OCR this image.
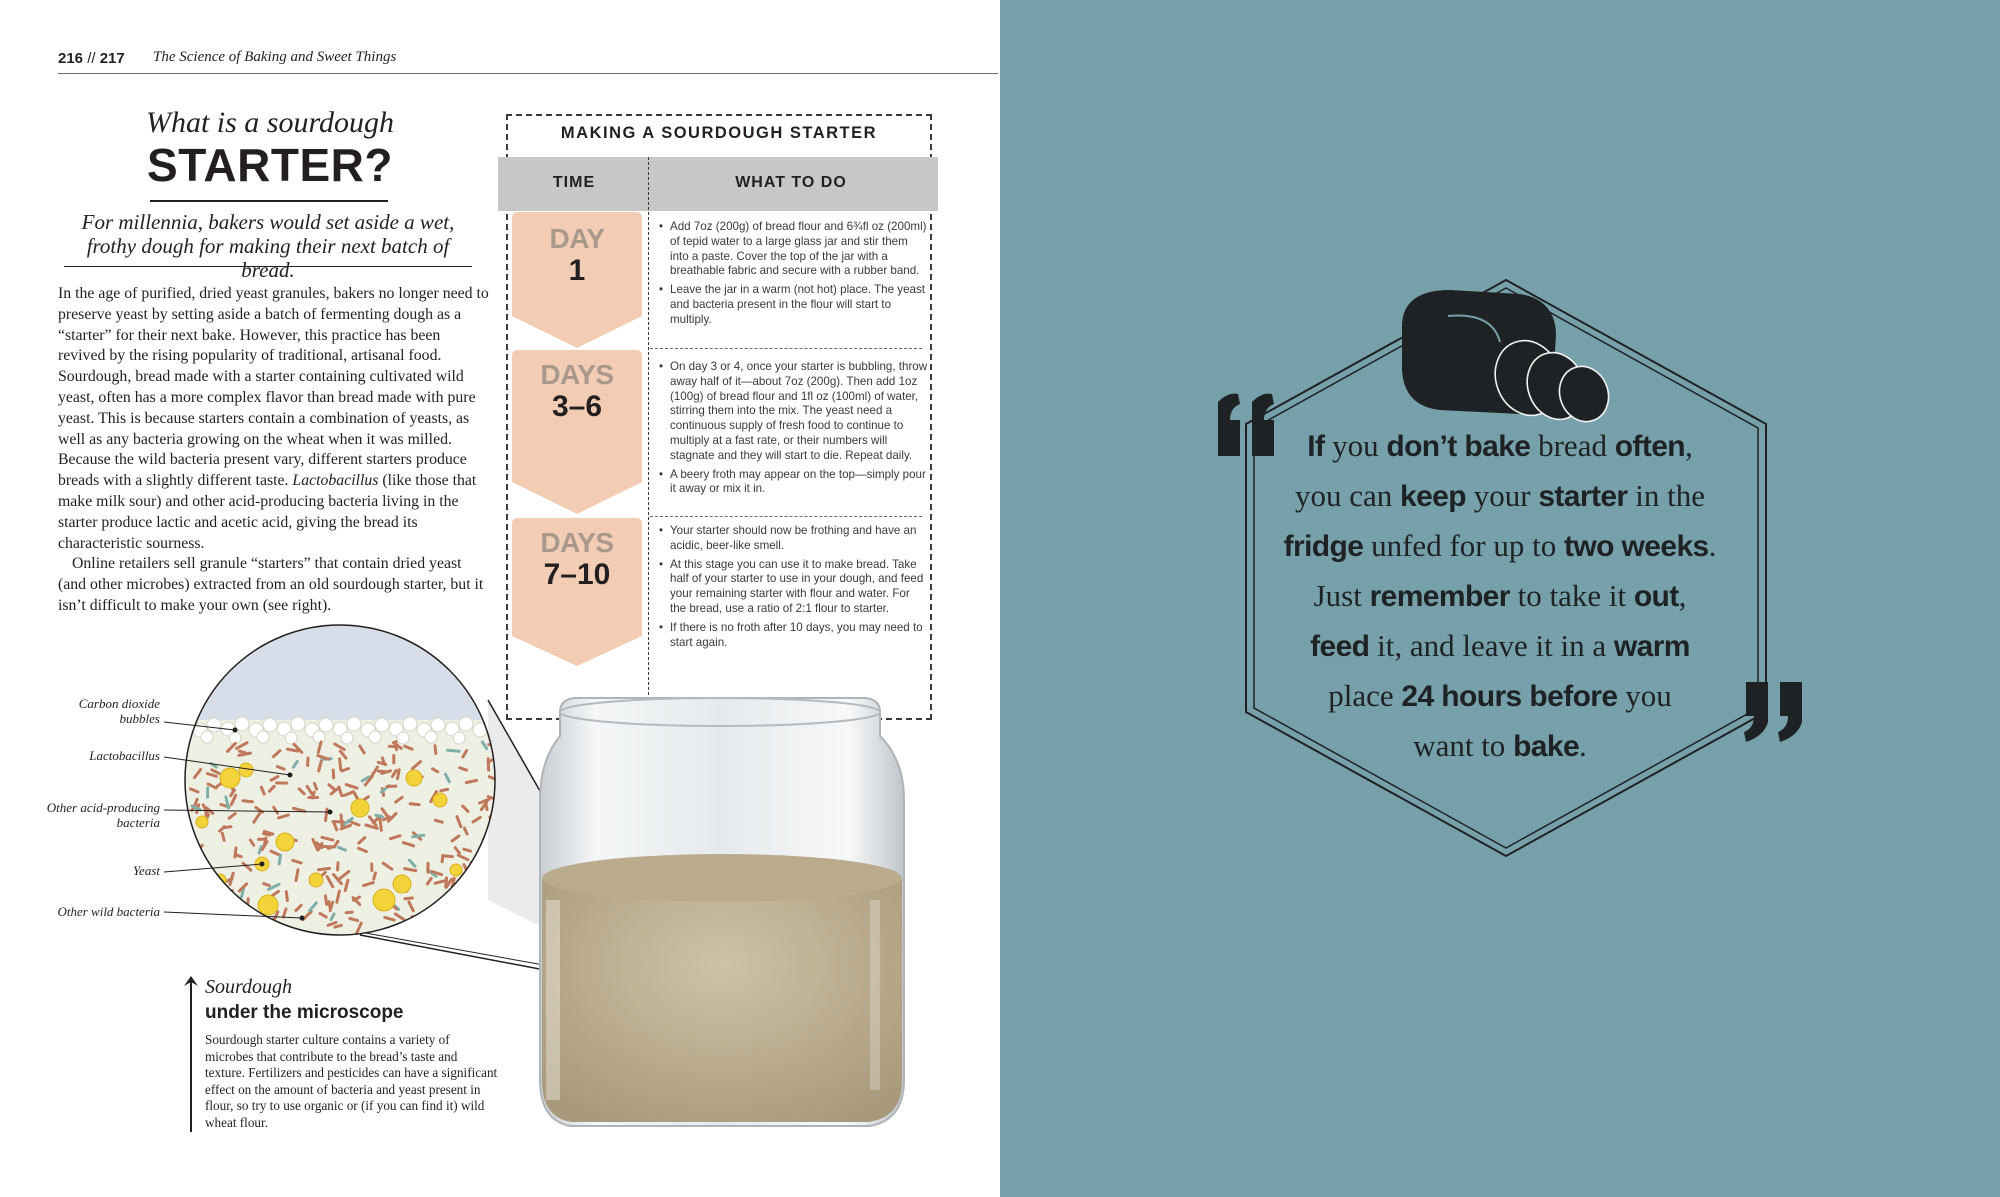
216 // 217 The Science of Baking and Sweet Things
What is a sourdough
STARTER?
For millennia, bakers would set aside a wet, frothy dough for making their next batch of bread.

In the age of purified, dried yeast granules, bakers no longer need to preserve yeast by setting aside a batch of fermenting dough as a “starter” for their next bake. However, this practice has been revived by the rising popularity of traditional, artisanal food. Sourdough, bread made with a starter containing cultivated wild yeast, often has a more complex flavor than bread made with pure yeast. This is because starters contain a combination of yeasts, as well as any bacteria growing on the wheat when it was milled. Because the wild bacteria present vary, different starters produce breads with a slightly different taste. Lactobacillus (like those that make milk sour) and other acid-producing bacteria living in the starter produce lactic and acetic acid, giving the bread its characteristic sourness.

Online retailers sell granule “starters” that contain dried yeast (and other microbes) extracted from an old sourdough starter, but it isn’t difficult to make your own (see right).

MAKING A SOURDOUGH STARTER
TIME	WHAT TO DO
DAY
1
DAYS
3–6
DAYS
7–10
• Add 7oz (200g) of bread flour and 6¾fl oz (200ml) of tepid water to a large glass jar and stir them into a paste. Cover the top of the jar with a breathable fabric and secure with a rubber band.
• Leave the jar in a warm (not hot) place. The yeast and bacteria present in the flour will start to multiply.
• On day 3 or 4, once your starter is bubbling, throw away half of it—about 7oz (200g). Then add 1oz (100g) of bread flour and 1fl oz (100ml) of water, stirring them into the mix. The yeast need a continuous supply of fresh food to continue to multiply at a fast rate, or their numbers will stagnate and they will start to die. Repeat daily.
• A beery froth may appear on the top—simply pour it away or mix it in.
• Your starter should now be frothing and have an acidic, beer-like smell.
• At this stage you can use it to make bread. Take half of your starter to use in your dough, and feed your remaining starter with flour and water. For the bread, use a ratio of 2:1 flour to starter.
• If there is no froth after 10 days, you may need to start again.
Carbon dioxide bubbles
Lactobacillus
Other acid-producing bacteria
Yeast
Other wild bacteria
Sourdough
under the microscope
Sourdough starter culture contains a variety of microbes that contribute to the bread’s taste and texture. Fertilizers and pesticides can have a significant effect on the amount of bacteria and yeast present in flour, so try to use organic or (if you can find it) wild wheat flour.
If you don’t bake bread often,
you can keep your starter in the
fridge unfed for up to two weeks.
Just remember to take it out,
feed it, and leave it in a warm
place 24 hours before you
want to bake.
